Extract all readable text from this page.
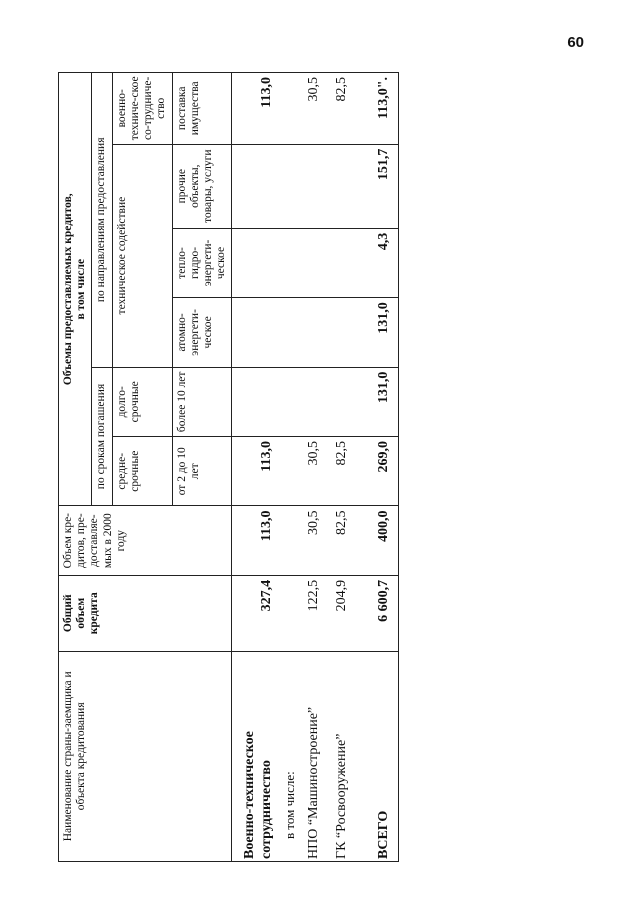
60
Наименование страны-заемщика и объекта кредитования	Общий объем кредита	Объем кре-дитов, пре-доставляе-мых в 2000 году	Объемы предоставляемых кредитов,
в том числе					
			по срокам погашения		по направлениям предоставления			
			средне-срочные	долго-срочные	техническое содействие			военно-техниче-ское со-трудниче-ство
			от 2 до 10 лет	более 10 лет	атомно-энергети-ческое	тепло-гидро-энергети-ческое	прочие объекты, товары, услуги	поставка имущества
Военно-техническое сотрудничество	327,4	113,0	113,0					113,0
в том числе:								
НПО “Машиностроение”	122,5	30,5	30,5					30,5
ГК “Росвооружение”	204,9	82,5	82,5					82,5
ВСЕГО	6 600,7	400,0	269,0	131,0	131,0	4,3	151,7	113,0".
